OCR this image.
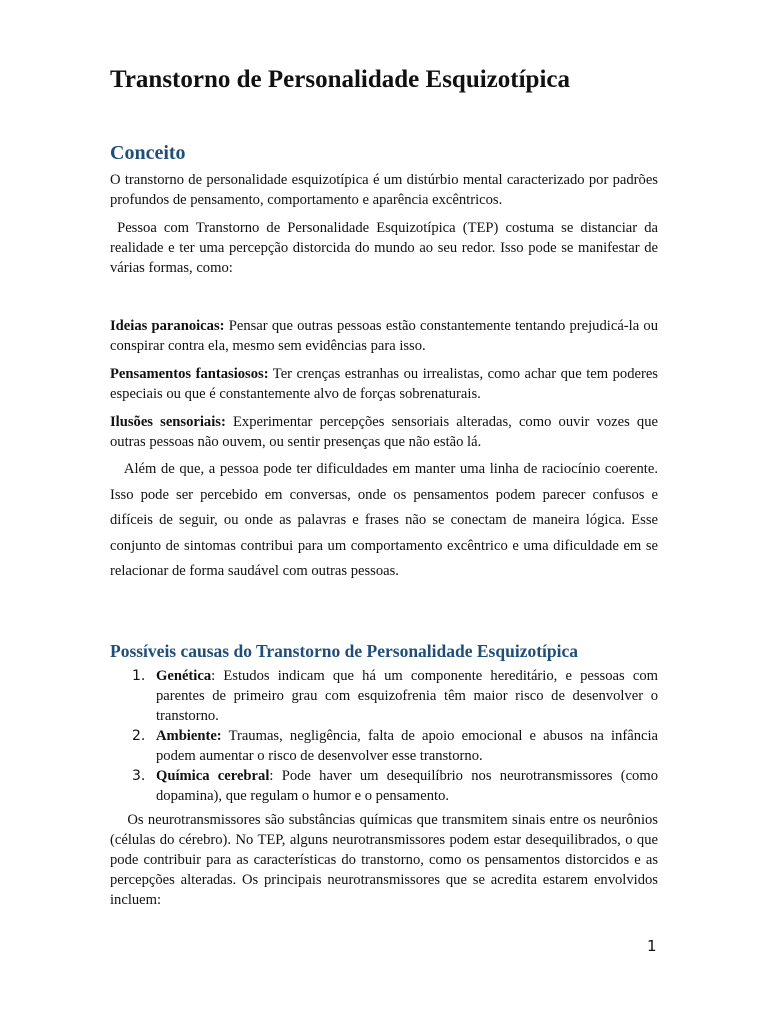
Transtorno de Personalidade Esquizotípica
Conceito

O transtorno de personalidade esquizotípica é um distúrbio mental caracterizado por padrões profundos de pensamento, comportamento e aparência excêntricos.

Pessoa com Transtorno de Personalidade Esquizotípica (TEP) costuma se distanciar da realidade e ter uma percepção distorcida do mundo ao seu redor. Isso pode se manifestar de várias formas, como:

Ideias paranoicas: Pensar que outras pessoas estão constantemente tentando prejudicá-la ou conspirar contra ela, mesmo sem evidências para isso.

Pensamentos fantasiosos: Ter crenças estranhas ou irrealistas, como achar que tem poderes especiais ou que é constantemente alvo de forças sobrenaturais.

Ilusões sensoriais: Experimentar percepções sensoriais alteradas, como ouvir vozes que outras pessoas não ouvem, ou sentir presenças que não estão lá.

Além de que, a pessoa pode ter dificuldades em manter uma linha de raciocínio coerente. Isso pode ser percebido em conversas, onde os pensamentos podem parecer confusos e difíceis de seguir, ou onde as palavras e frases não se conectam de maneira lógica. Esse conjunto de sintomas contribui para um comportamento excêntrico e uma dificuldade em se relacionar de forma saudável com outras pessoas.

Possíveis causas do Transtorno de Personalidade Esquizotípica
1. Genética: Estudos indicam que há um componente hereditário, e pessoas com parentes de primeiro grau com esquizofrenia têm maior risco de desenvolver o transtorno.
2. Ambiente: Traumas, negligência, falta de apoio emocional e abusos na infância podem aumentar o risco de desenvolver esse transtorno.
3. Química cerebral: Pode haver um desequilíbrio nos neurotransmissores (como dopamina), que regulam o humor e o pensamento.

Os neurotransmissores são substâncias químicas que transmitem sinais entre os neurônios (células do cérebro). No TEP, alguns neurotransmissores podem estar desequilibrados, o que pode contribuir para as características do transtorno, como os pensamentos distorcidos e as percepções alteradas. Os principais neurotransmissores que se acredita estarem envolvidos incluem:

1
